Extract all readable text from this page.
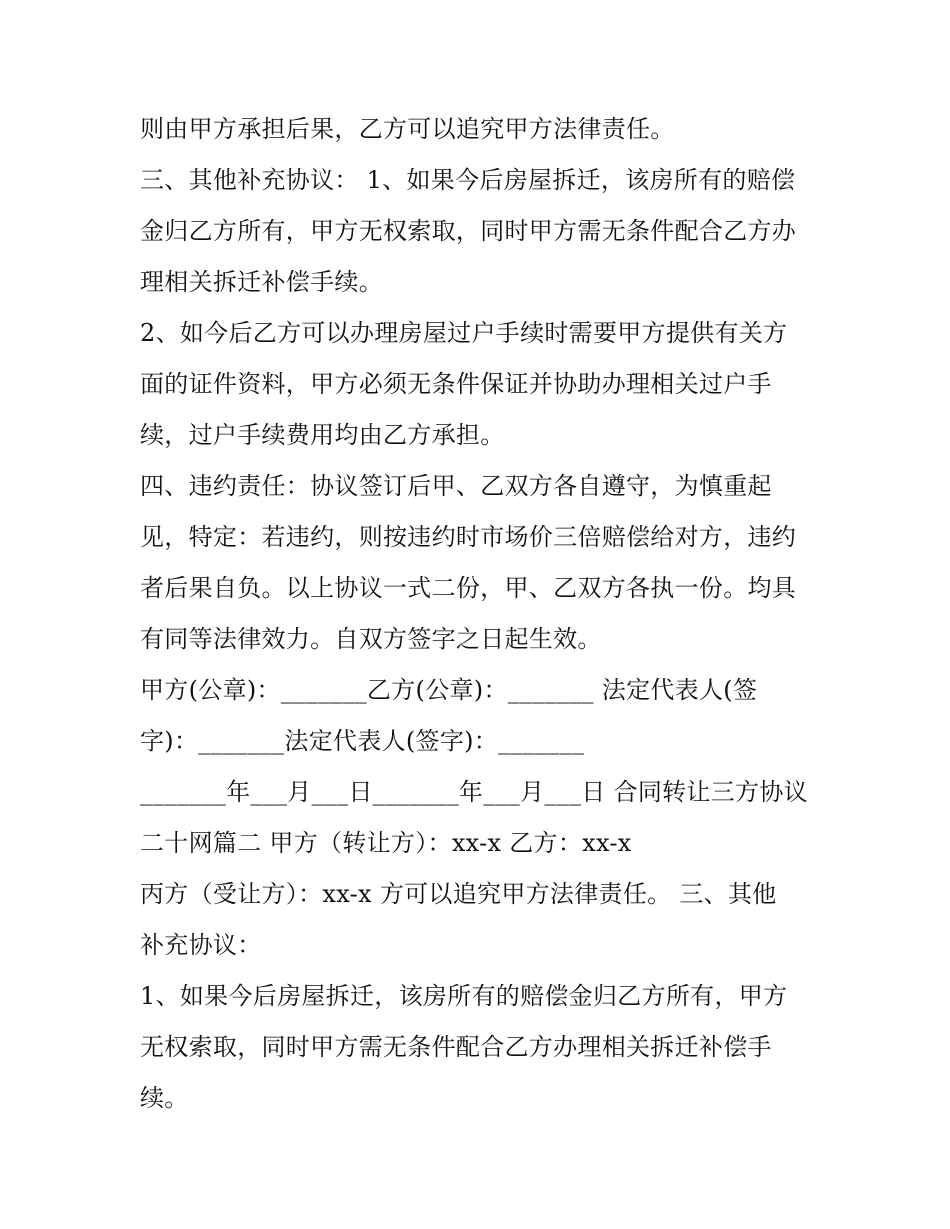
则由甲方承担后果，乙方可以追究甲方法律责任。
三、其他补充协议： 1、如果今后房屋拆迁，该房所有的赔偿
金归乙方所有，甲方无权索取，同时甲方需无条件配合乙方办
理相关拆迁补偿手续。
2、如今后乙方可以办理房屋过户手续时需要甲方提供有关方
面的证件资料，甲方必须无条件保证并协助办理相关过户手
续，过户手续费用均由乙方承担。
四、违约责任：协议签订后甲、乙双方各自遵守，为慎重起
见，特定：若违约，则按违约时市场价三倍赔偿给对方，违约
者后果自负。以上协议一式二份，甲、乙双方各执一份。均具
有同等法律效力。自双方签字之日起生效。
甲方(公章)：_______乙方(公章)：_______ 法定代表人(签
字)：_______法定代表人(签字)：_______
_______年___月___日_______年___月___日 合同转让三方协议
二十网篇二 甲方（转让方）：xx-x 乙方：xx-x
丙方（受让方）：xx-x 方可以追究甲方法律责任。 三、其他
补充协议：
1、如果今后房屋拆迁，该房所有的赔偿金归乙方所有，甲方
无权索取，同时甲方需无条件配合乙方办理相关拆迁补偿手
续。
